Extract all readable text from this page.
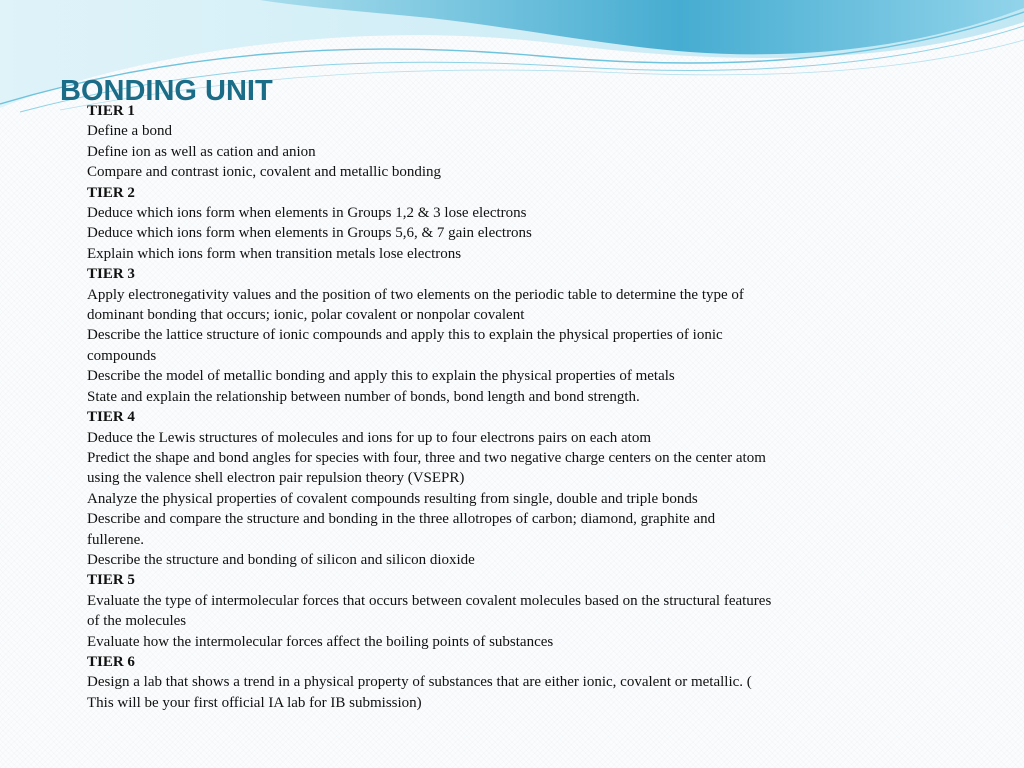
BONDING UNIT
TIER 1
Define a bond
Define ion as well as cation and anion
Compare and contrast ionic, covalent and metallic bonding
TIER 2
Deduce which ions form when elements in Groups 1,2 & 3 lose electrons
Deduce which ions form when elements in Groups 5,6, & 7 gain electrons
Explain which ions form when transition metals lose electrons
TIER 3
Apply electronegativity values and the position of two elements on the periodic table to determine the type of
dominant bonding that occurs; ionic, polar covalent or nonpolar covalent
Describe the lattice structure of ionic compounds and apply this to explain the physical properties of ionic
compounds
Describe the model of metallic bonding and apply this to explain the physical properties of metals
State and explain the relationship between number of bonds, bond length and bond strength.
TIER 4
Deduce the Lewis structures of molecules and ions for up to four electrons pairs on each atom
Predict the shape and bond angles for species with four, three and two negative charge centers on the center atom
using the valence shell electron pair repulsion theory (VSEPR)
Analyze the physical properties of covalent compounds resulting from single, double and triple bonds
Describe and compare the structure and bonding in the three allotropes of carbon; diamond, graphite and
fullerene.
Describe the structure and bonding of silicon and silicon dioxide
TIER 5
Evaluate the type of intermolecular forces that occurs between covalent molecules based on the structural features
of the molecules
Evaluate how the intermolecular forces affect the boiling points of substances
TIER 6
Design a lab that shows a trend in a physical property of substances that are either ionic, covalent or metallic. (
This will be your first official IA lab for IB submission)
